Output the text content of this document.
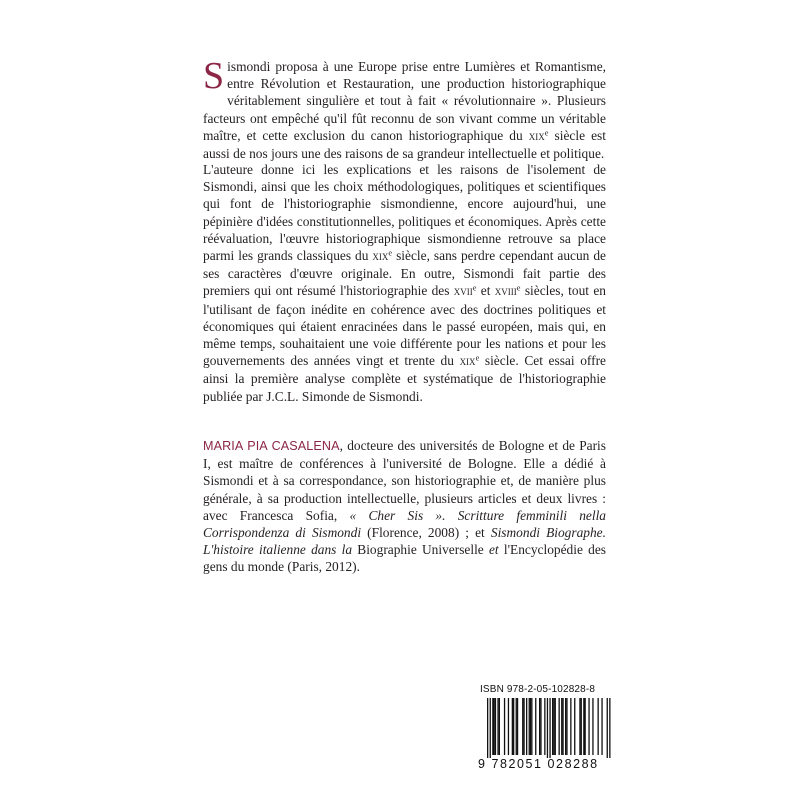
Sismondi proposa à une Europe prise entre Lumières et Romantisme, entre Révolution et Restauration, une production historiographique véritablement singulière et tout à fait « révolutionnaire ». Plusieurs facteurs ont empêché qu'il fût reconnu de son vivant comme un véritable maître, et cette exclusion du canon historiographique du xix$^e$ siècle est aussi de nos jours une des raisons de sa grandeur intellectuelle et politique.

L'auteure donne ici les explications et les raisons de l'isolement de Sismondi, ainsi que les choix méthodologiques, politiques et scientifiques qui font de l'historiographie sismondienne, encore aujourd'hui, une pépinière d'idées constitutionnelles, politiques et économiques. Après cette réévaluation, l'œuvre historiographique sismondienne retrouve sa place parmi les grands classiques du xix$^e$ siècle, sans perdre cependant aucun de ses caractères d'œuvre originale. En outre, Sismondi fait partie des premiers qui ont résumé l'historiographie des xvii$^e$ et xviii$^e$ siècles, tout en l'utilisant de façon inédite en cohérence avec des doctrines politiques et économiques qui étaient enracinées dans le passé européen, mais qui, en même temps, souhaitaient une voie différente pour les nations et pour les gouvernements des années vingt et trente du xix$^e$ siècle. Cet essai offre ainsi la première analyse complète et systématique de l'historiographie publiée par J.C.L. Simonde de Sismondi.

MARIA PIA CASALENA, docteure des universités de Bologne et de Paris I, est maître de conférences à l'université de Bologne. Elle a dédié à Sismondi et à sa correspondance, son historiographie et, de manière plus générale, à sa production intellectuelle, plusieurs articles et deux livres : avec Francesca Sofia, « Cher Sis ». Scritture femminili nella Corrispondenza di Sismondi (Florence, 2008) ; et Sismondi Biographe. L'histoire italienne dans la Biographie Universelle et l'Encyclopédie des gens du monde (Paris, 2012).

ISBN 978-2-05-102828-8
9 782051 028288
